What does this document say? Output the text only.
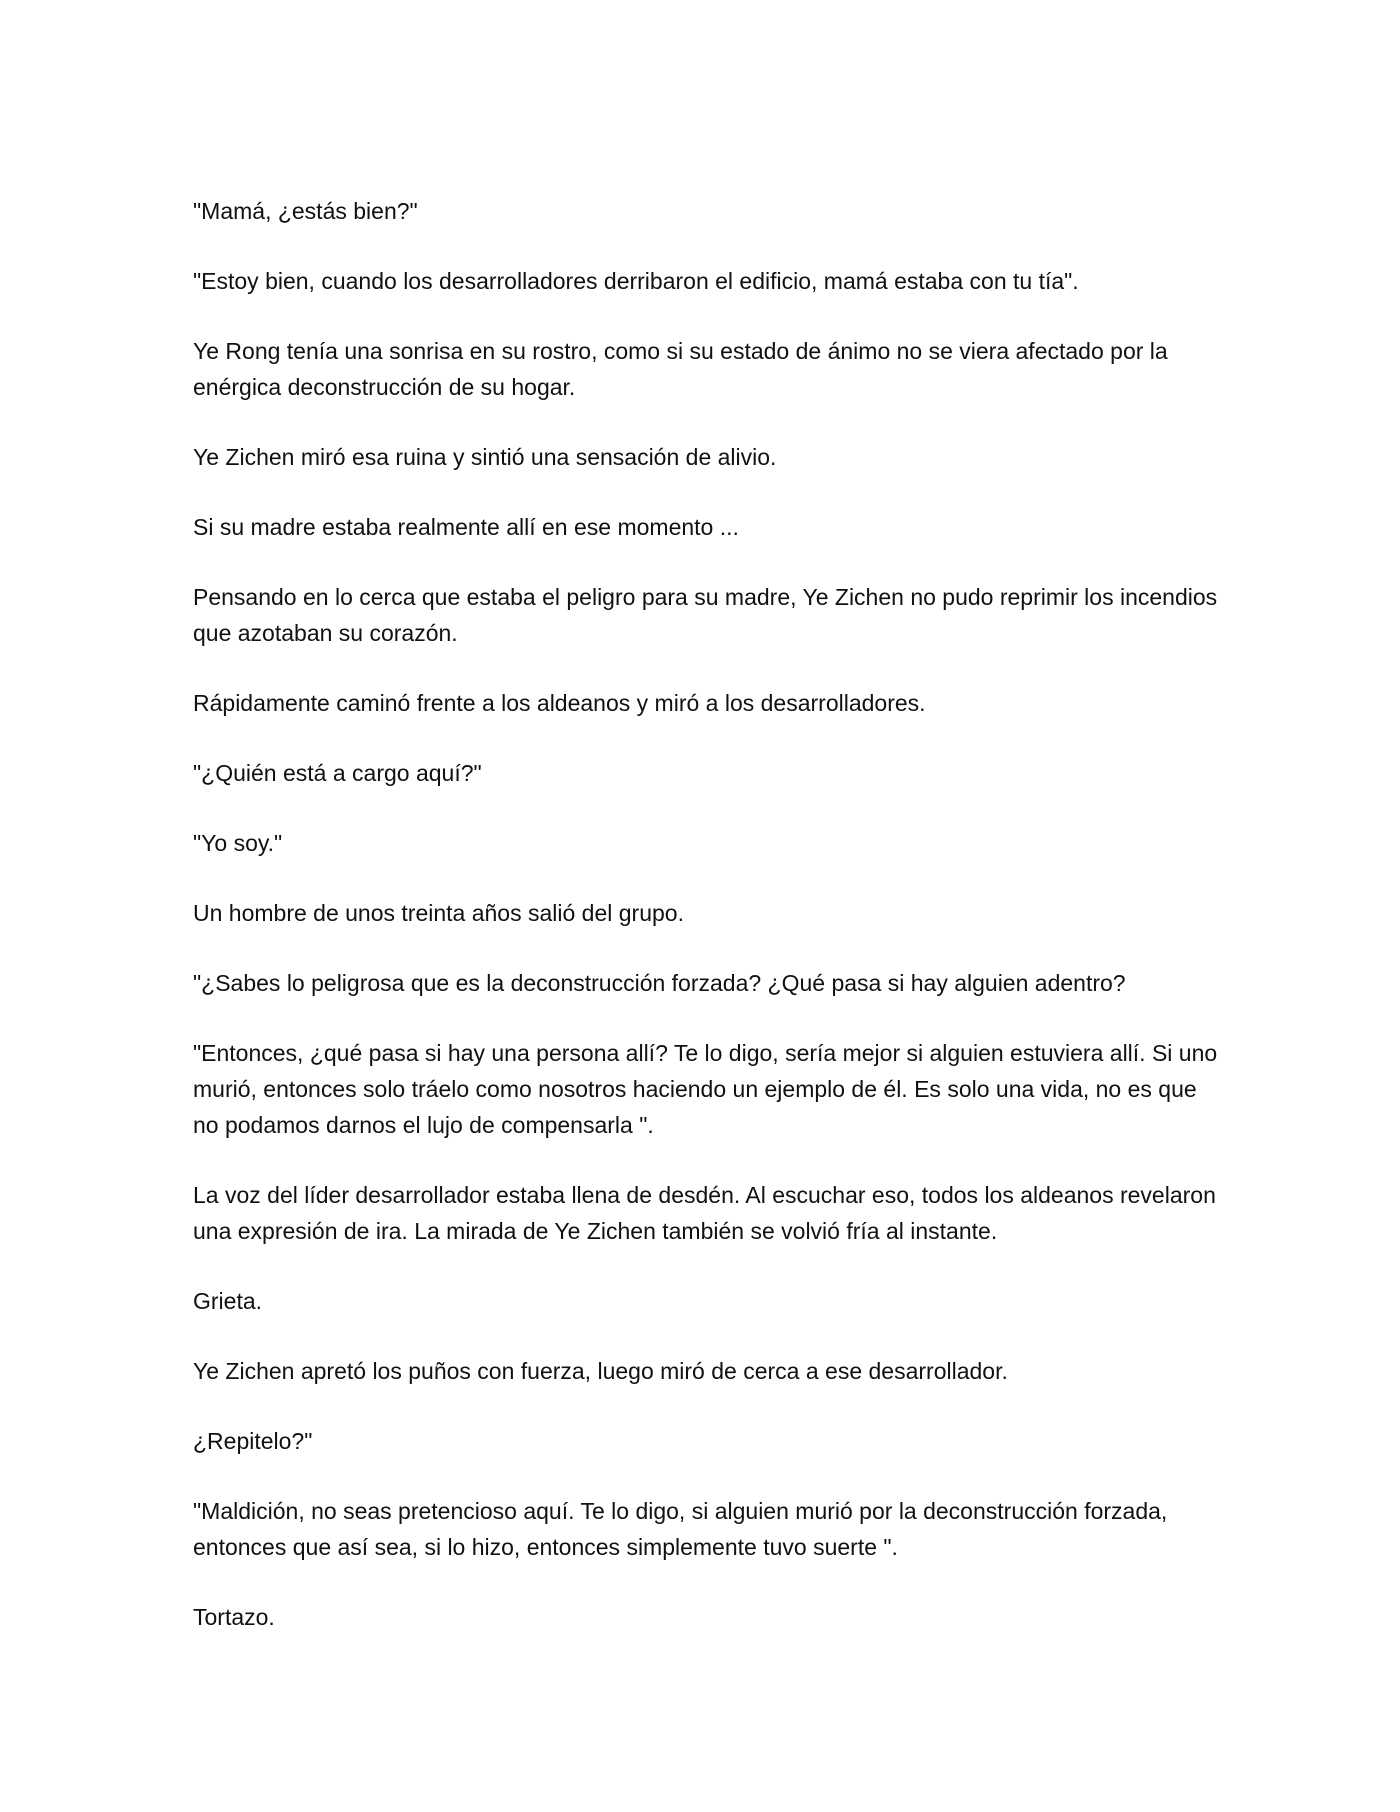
"Mamá, ¿estás bien?"

"Estoy bien, cuando los desarrolladores derribaron el edificio, mamá estaba con tu tía".

Ye Rong tenía una sonrisa en su rostro, como si su estado de ánimo no se viera afectado por la enérgica deconstrucción de su hogar.

Ye Zichen miró esa ruina y sintió una sensación de alivio.

Si su madre estaba realmente allí en ese momento ...

Pensando en lo cerca que estaba el peligro para su madre, Ye Zichen no pudo reprimir los incendios que azotaban su corazón.

Rápidamente caminó frente a los aldeanos y miró a los desarrolladores.

"¿Quién está a cargo aquí?"

"Yo soy."

Un hombre de unos treinta años salió del grupo.

"¿Sabes lo peligrosa que es la deconstrucción forzada? ¿Qué pasa si hay alguien adentro?

"Entonces, ¿qué pasa si hay una persona allí? Te lo digo, sería mejor si alguien estuviera allí. Si uno murió, entonces solo tráelo como nosotros haciendo un ejemplo de él. Es solo una vida, no es que no podamos darnos el lujo de compensarla ".

La voz del líder desarrollador estaba llena de desdén. Al escuchar eso, todos los aldeanos revelaron una expresión de ira. La mirada de Ye Zichen también se volvió fría al instante.

Grieta.

Ye Zichen apretó los puños con fuerza, luego miró de cerca a ese desarrollador.

¿Repitelo?"

"Maldición, no seas pretencioso aquí. Te lo digo, si alguien murió por la deconstrucción forzada, entonces que así sea, si lo hizo, entonces simplemente tuvo suerte ".

Tortazo.
